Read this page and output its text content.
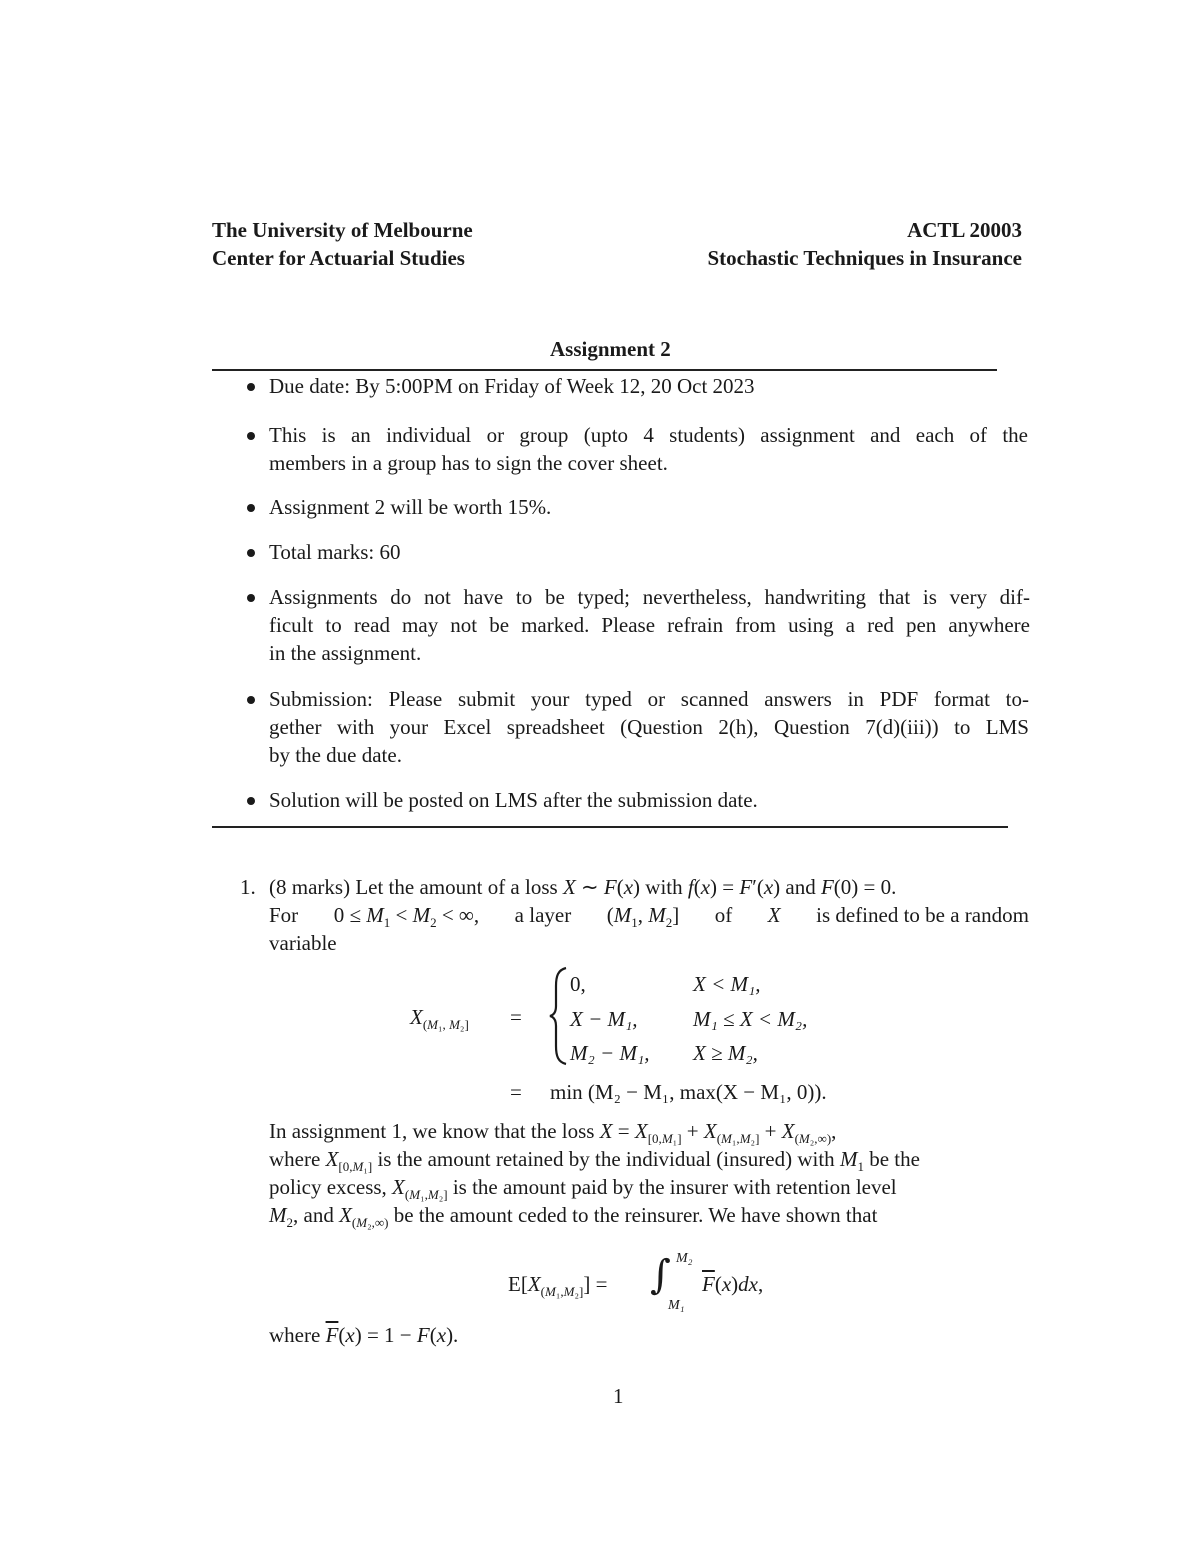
The University of Melbourne
Center for Actuarial Studies
ACTL 20003
Stochastic Techniques in Insurance
Assignment 2
Due date: By 5:00PM on Friday of Week 12, 20 Oct 2023
This is an individual or group (upto 4 students) assignment and each of the
members in a group has to sign the cover sheet.
Assignment 2 will be worth 15%.
Total marks: 60
Assignments do not have to be typed; nevertheless, handwriting that is very dif-
ficult to read may not be marked. Please refrain from using a red pen anywhere
in the assignment.
Submission: Please submit your typed or scanned answers in PDF format to-
gether with your Excel spreadsheet (Question 2(h), Question 7(d)(iii)) to LMS
by the due date.
Solution will be posted on LMS after the submission date.
1. (8 marks) Let the amount of a loss X ∼ F(x) with f(x) = F′(x) and F(0) = 0.
For $0 \le M_1 < M_2$ < ∞, a layer ($M_1$, $M_2$] of X is defined to be a random
variable
$X_{(M_1, M_2]}$ =
0,	X < M₁,
X − M₁,	M₁ ≤ X < M₂,
M₂ − M₁, X ≥ M₂,
= min (M₂ − M₁, max(X − M₁, 0)).
In assignment 1, we know that the loss $X = X_{[0,M_1]} + X_{(M_1,M_2]} + X_{(M_2,\infty)}$,
where $X_{[0,M_1]}$ is the amount retained by the individual (insured) with $M_1$ be the
policy excess, $X_{(M_1,M_2]}$ is the amount paid by the insurer with retention level
$M_2$, and $X_{(M_2,\infty)}$ be the amount ceded to the reinsurer. We have shown that
$E[X_{(M_1,M_2]}]$ = ∫ M₂
M₁
$\overline{F}(x)dx$,
where $\overline{F}(x) = 1 - F(x)$.
1
